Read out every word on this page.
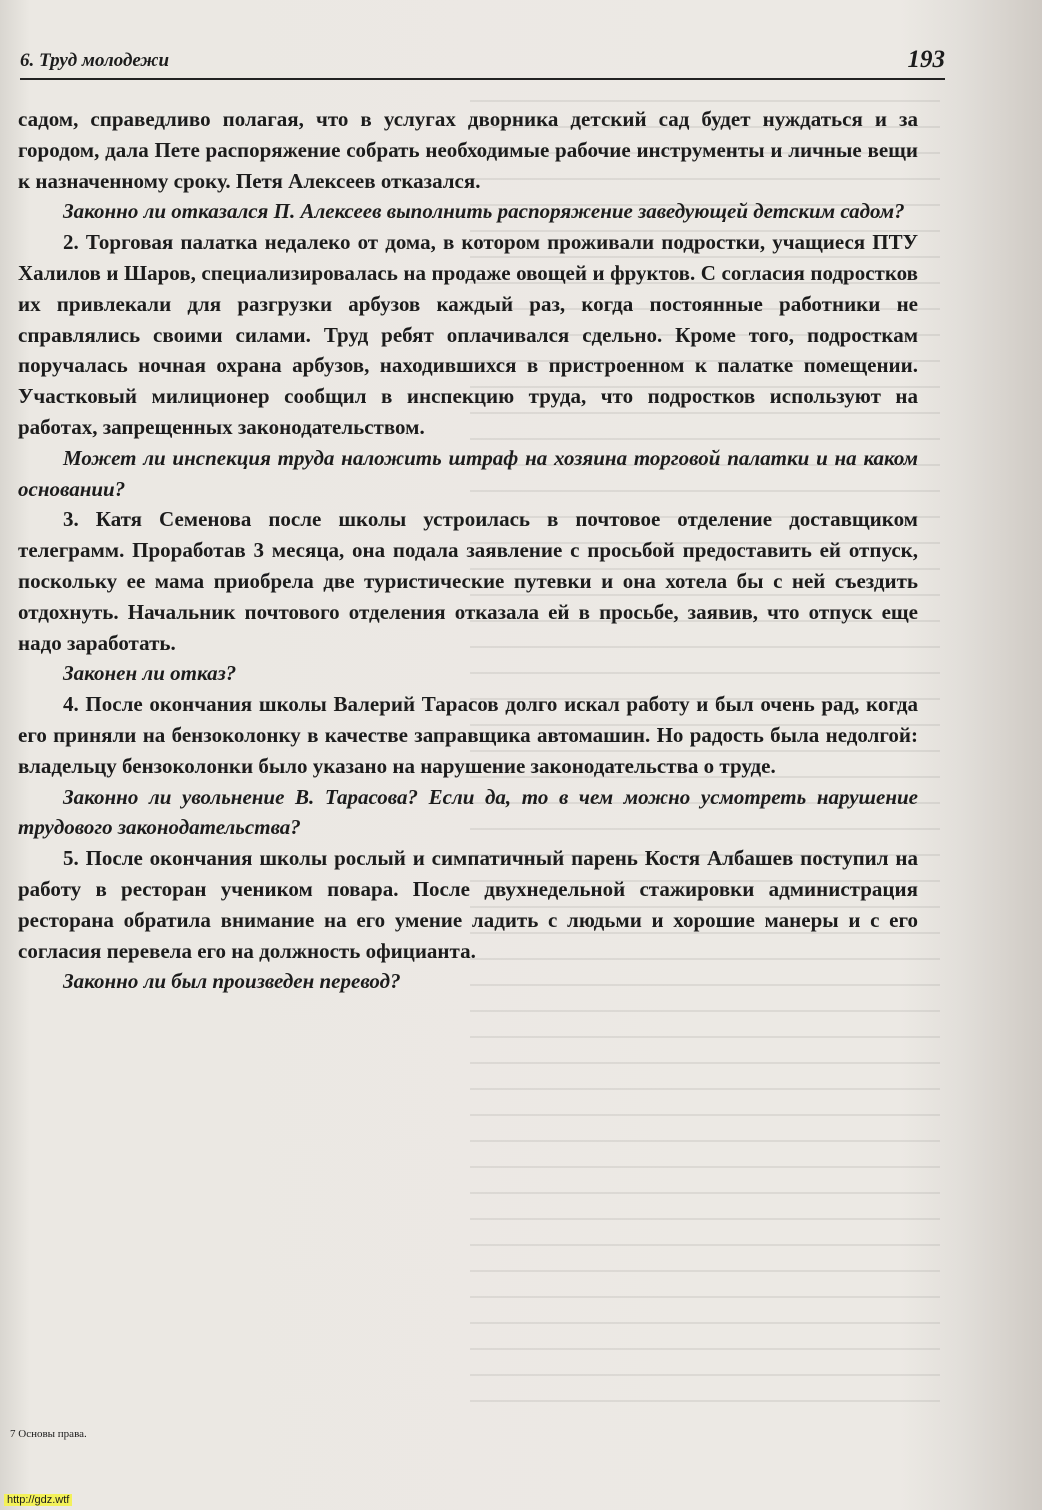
6. Труд молодежи	193

садом, справедливо полагая, что в услугах дворника детский сад будет нуждаться и за городом, дала Пете распоряжение собрать необходимые рабочие инструменты и личные вещи к назначенному сроку. Петя Алексеев отказался.

Законно ли отказался П. Алексеев выполнить распоряжение заведующей детским садом?

2. Торговая палатка недалеко от дома, в котором проживали подростки, учащиеся ПТУ Халилов и Шаров, специализировалась на продаже овощей и фруктов. С согласия подростков их привлекали для разгрузки арбузов каждый раз, когда постоянные работники не справлялись своими силами. Труд ребят оплачивался сдельно. Кроме того, подросткам поручалась ночная охрана арбузов, находившихся в пристроенном к палатке помещении. Участковый милиционер сообщил в инспекцию труда, что подростков используют на работах, запрещенных законодательством.

Может ли инспекция труда наложить штраф на хозяина торговой палатки и на каком основании?

3. Катя Семенова после школы устроилась в почтовое отделение доставщиком телеграмм. Проработав 3 месяца, она подала заявление с просьбой предоставить ей отпуск, поскольку ее мама приобрела две туристические путевки и она хотела бы с ней съездить отдохнуть. Начальник почтового отделения отказала ей в просьбе, заявив, что отпуск еще надо заработать.

Законен ли отказ?

4. После окончания школы Валерий Тарасов долго искал работу и был очень рад, когда его приняли на бензоколонку в качестве заправщика автомашин. Но радость была недолгой: владельцу бензоколонки было указано на нарушение законодательства о труде.

Законно ли увольнение В. Тарасова? Если да, то в чем можно усмотреть нарушение трудового законодательства?

5. После окончания школы рослый и симпатичный парень Костя Албашев поступил на работу в ресторан учеником повара. После двухнедельной стажировки администрация ресторана обратила внимание на его умение ладить с людьми и хорошие манеры и с его согласия перевела его на должность официанта.

Законно ли был произведен перевод?

7 Основы права.
http://gdz.wtf
